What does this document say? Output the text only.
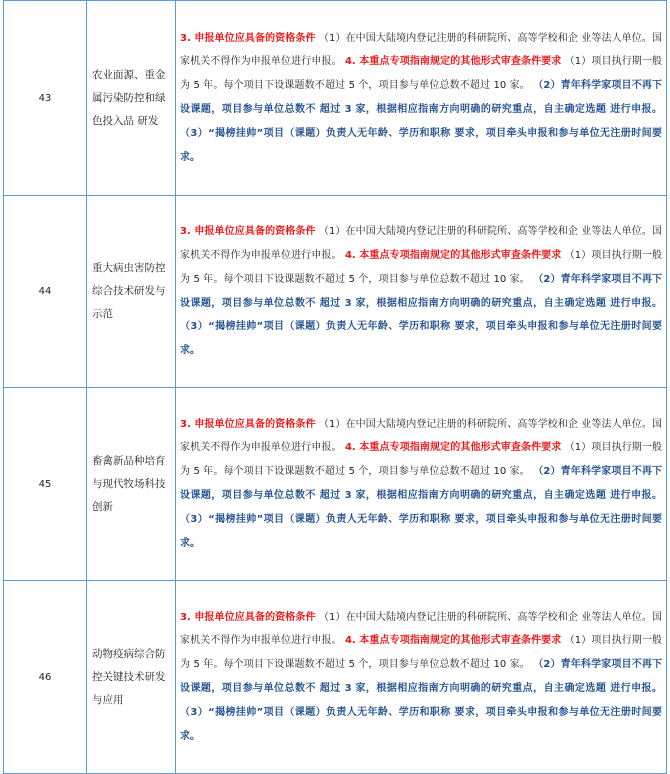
43	农业面源、重金属污染防控和绿色投入品 研发	3. 申报单位应具备的资格条件 （1）在中国大陆境内登记注册的科研院所、高等学校和企 业等法人单位。国家机关不得作为申报单位进行申报。 4. 本重点专项指南规定的其他形式审查条件要求 （1）项目执行期一般为 5 年。每个项目下设课题数不超过 5 个，项目参与单位总数不超过 10 家。 （2）青年科学家项目不再下设课题，项目参与单位总数不 超过 3 家，根据相应指南方向明确的研究重点，自主确定选题 进行申报。 （3）“揭榜挂帅”项目（课题）负责人无年龄、学历和职称 要求，项目牵头申报和参与单位无注册时间要求。
44	重大病虫害防控综合技术研发与示范	3. 申报单位应具备的资格条件 （1）在中国大陆境内登记注册的科研院所、高等学校和企 业等法人单位。国家机关不得作为申报单位进行申报。 4. 本重点专项指南规定的其他形式审查条件要求 （1）项目执行期一般为 5 年。每个项目下设课题数不超过 5 个，项目参与单位总数不超过 10 家。 （2）青年科学家项目不再下设课题，项目参与单位总数不 超过 3 家，根据相应指南方向明确的研究重点，自主确定选题 进行申报。 （3）“揭榜挂帅”项目（课题）负责人无年龄、学历和职称 要求，项目牵头申报和参与单位无注册时间要求。
45	畜禽新品种培育与现代牧场科技创新	3. 申报单位应具备的资格条件 （1）在中国大陆境内登记注册的科研院所、高等学校和企 业等法人单位。国家机关不得作为申报单位进行申报。 4. 本重点专项指南规定的其他形式审查条件要求 （1）项目执行期一般为 5 年。每个项目下设课题数不超过 5 个，项目参与单位总数不超过 10 家。 （2）青年科学家项目不再下设课题，项目参与单位总数不 超过 3 家，根据相应指南方向明确的研究重点，自主确定选题 进行申报。 （3）“揭榜挂帅”项目（课题）负责人无年龄、学历和职称 要求，项目牵头申报和参与单位无注册时间要求。
46	动物疫病综合防控关键技术研发与应用	3. 申报单位应具备的资格条件 （1）在中国大陆境内登记注册的科研院所、高等学校和企 业等法人单位。国家机关不得作为申报单位进行申报。 4. 本重点专项指南规定的其他形式审查条件要求 （1）项目执行期一般为 5 年。每个项目下设课题数不超过 5 个，项目参与单位总数不超过 10 家。 （2）青年科学家项目不再下设课题，项目参与单位总数不 超过 3 家，根据相应指南方向明确的研究重点，自主确定选题 进行申报。 （3）“揭榜挂帅”项目（课题）负责人无年龄、学历和职称 要求，项目牵头申报和参与单位无注册时间要求。
